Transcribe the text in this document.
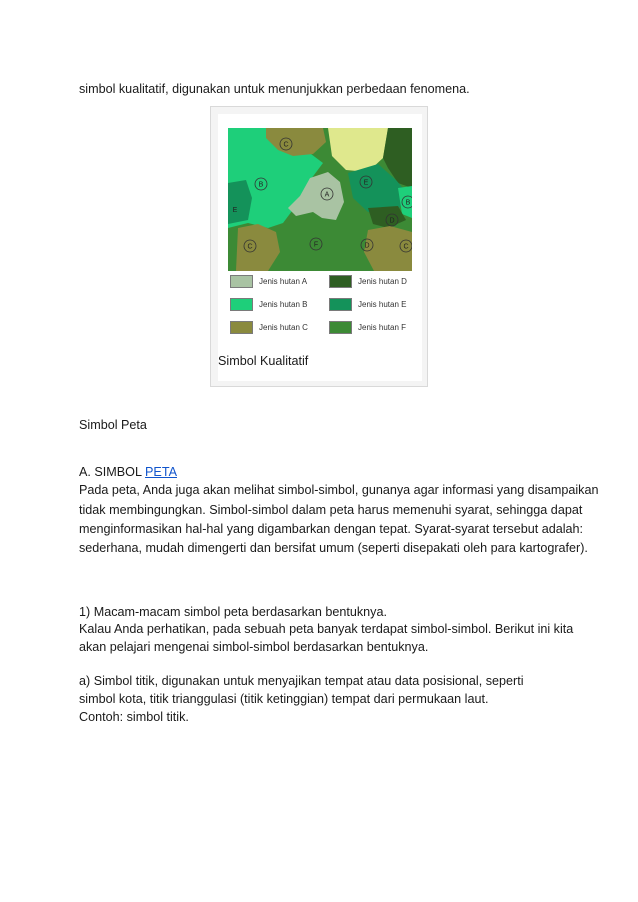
simbol kualitatif, digunakan untuk menunjukkan perbedaan fenomena.
C
B
A
E
B
E
D
C	F	D	C
Jenis hutan A	Jenis hutan D
Jenis hutan B	Jenis hutan E
Jenis hutan C	Jenis hutan F
Simbol Kualitatif
Simbol Peta
A. SIMBOL PETA
Pada peta, Anda juga akan melihat simbol-simbol, gunanya agar informasi yang disampaikan
tidak membingungkan. Simbol-simbol dalam peta harus memenuhi syarat, sehingga dapat
menginformasikan hal-hal yang digambarkan dengan tepat. Syarat-syarat tersebut adalah:
sederhana, mudah dimengerti dan bersifat umum (seperti disepakati oleh para kartografer).
1) Macam-macam simbol peta berdasarkan bentuknya.
Kalau Anda perhatikan, pada sebuah peta banyak terdapat simbol-simbol. Berikut ini kita
akan pelajari mengenai simbol-simbol berdasarkan bentuknya.
a) Simbol titik, digunakan untuk menyajikan tempat atau data posisional, seperti
simbol kota, titik trianggulasi (titik ketinggian) tempat dari permukaan laut.
Contoh: simbol titik.
